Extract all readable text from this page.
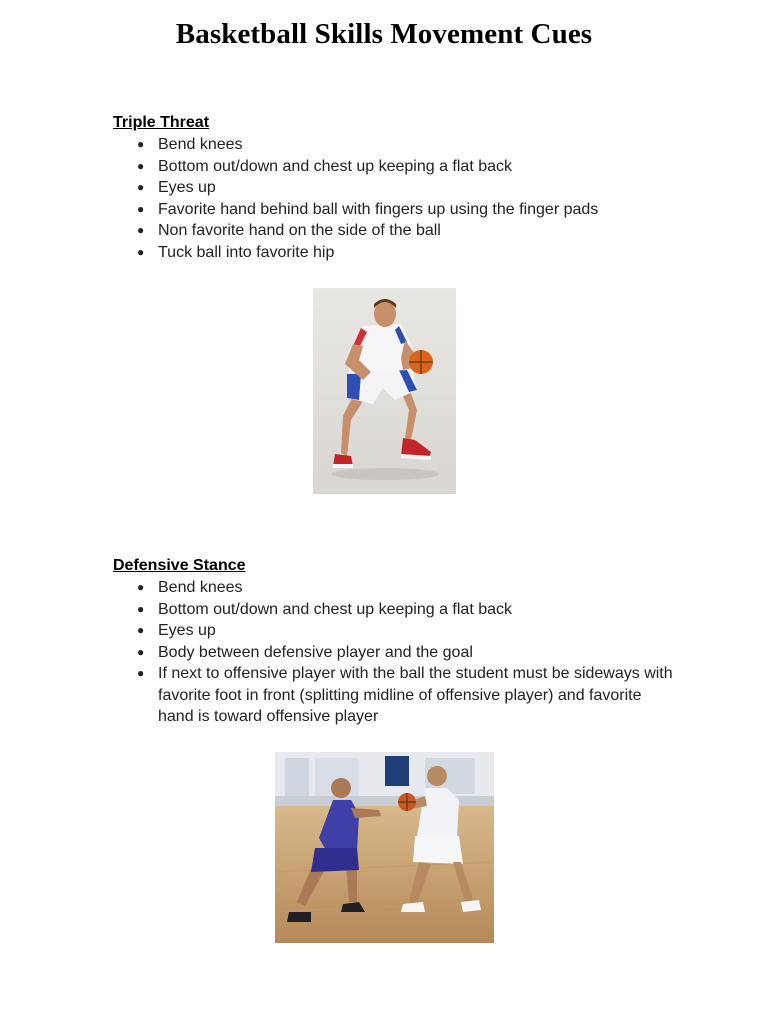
Basketball Skills Movement Cues
Triple Threat
● Bend knees
● Bottom out/down and chest up keeping a flat back
● Eyes up
● Favorite hand behind ball with fingers up using the finger pads
● Non favorite hand on the side of the ball
● Tuck ball into favorite hip
Defensive Stance
● Bend knees
● Bottom out/down and chest up keeping a flat back
● Eyes up
● Body between defensive player and the goal
● If next to offensive player with the ball the student must be sideways with favorite foot in front (splitting midline of offensive player) and favorite hand is toward offensive player
